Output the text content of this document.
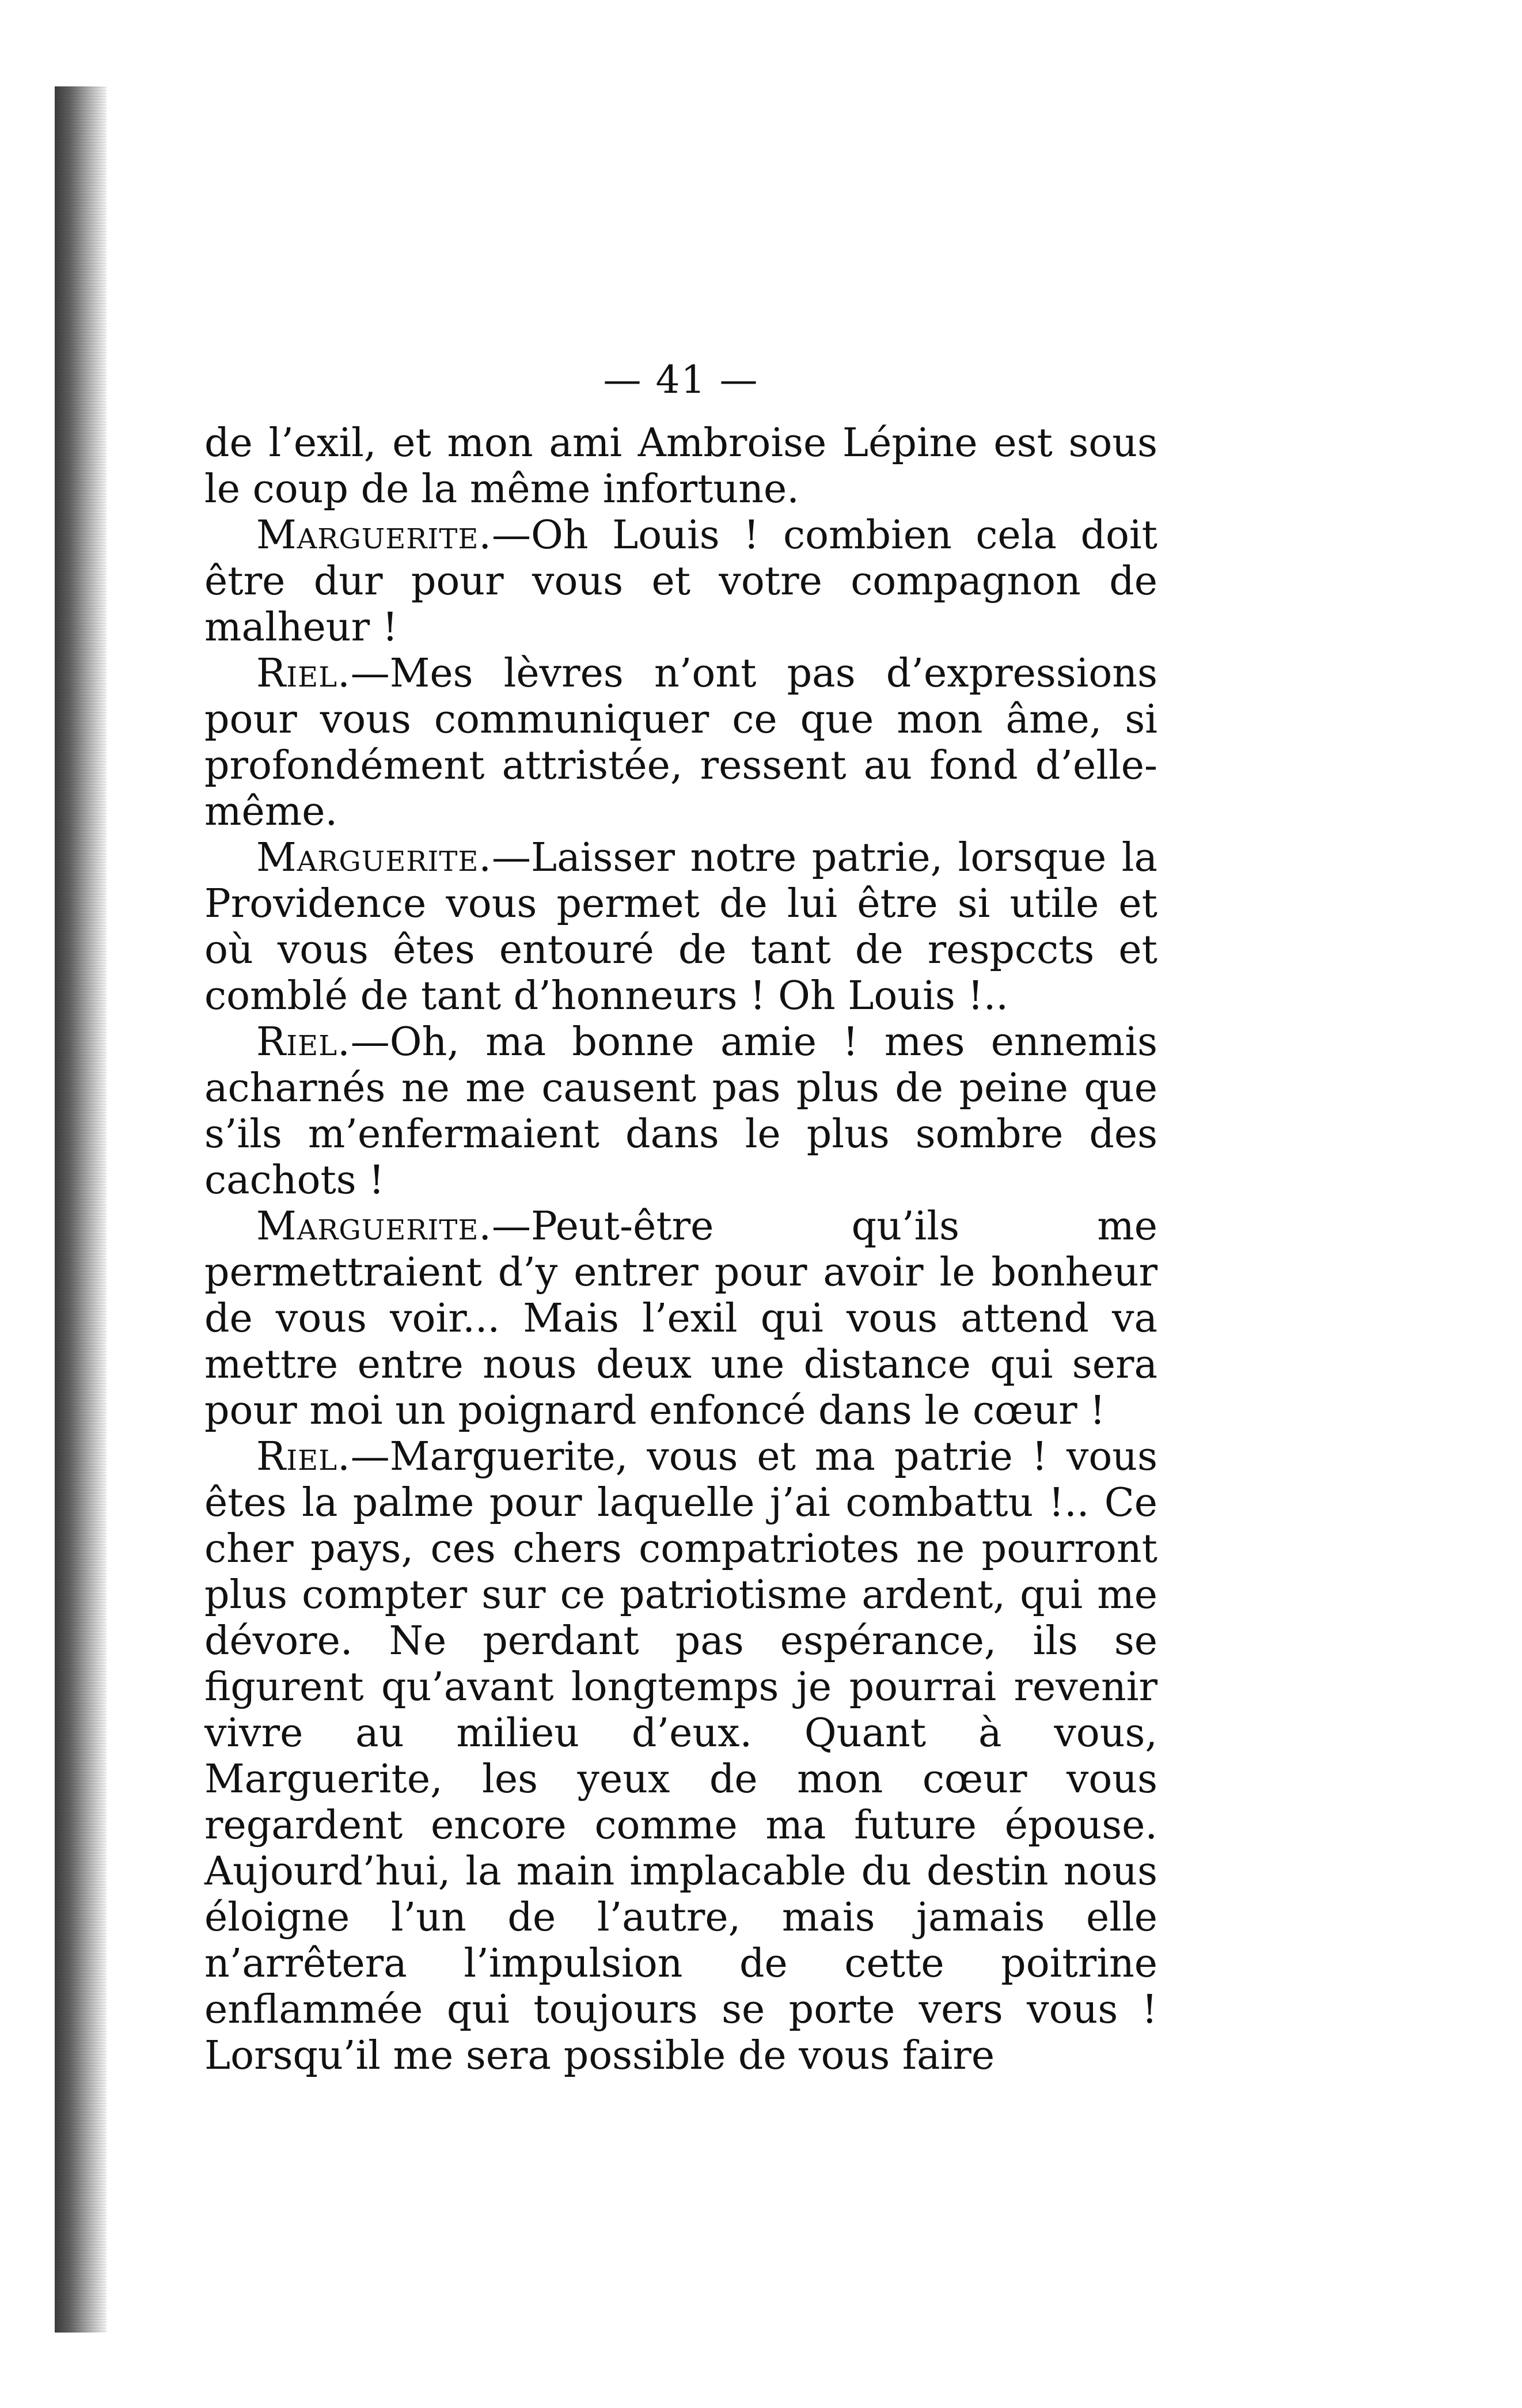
— 41 —

de l’exil, et mon ami Ambroise Lépine est sous le coup de la même infortune.

Marguerite.—Oh Louis ! combien cela doit être dur pour vous et votre compagnon de malheur !

Riel.—Mes lèvres n’ont pas d’expressions pour vous communiquer ce que mon âme, si profondément attristée, ressent au fond d’elle-même.

Marguerite.—Laisser notre patrie, lorsque la Providence vous permet de lui être si utile et où vous êtes entouré de tant de respccts et comblé de tant d’honneurs ! Oh Louis !..

Riel.—Oh, ma bonne amie ! mes ennemis acharnés ne me causent pas plus de peine que s’ils m’enfermaient dans le plus sombre des cachots !

Marguerite.—Peut-être qu’ils me permettraient d’y entrer pour avoir le bonheur de vous voir... Mais l’exil qui vous attend va mettre entre nous deux une distance qui sera pour moi un poignard enfoncé dans le cœur !

Riel.—Marguerite, vous et ma patrie ! vous êtes la palme pour laquelle j’ai combattu !.. Ce cher pays, ces chers compatriotes ne pourront plus compter sur ce patriotisme ardent, qui me dévore. Ne perdant pas espérance, ils se figurent qu’avant longtemps je pourrai revenir vivre au milieu d’eux. Quant à vous, Marguerite, les yeux de mon cœur vous regardent encore comme ma future épouse. Aujourd’hui, la main implacable du destin nous éloigne l’un de l’autre, mais jamais elle n’arrêtera l’impulsion de cette poitrine enflammée qui toujours se porte vers vous ! Lorsqu’il me sera possible de vous faire
